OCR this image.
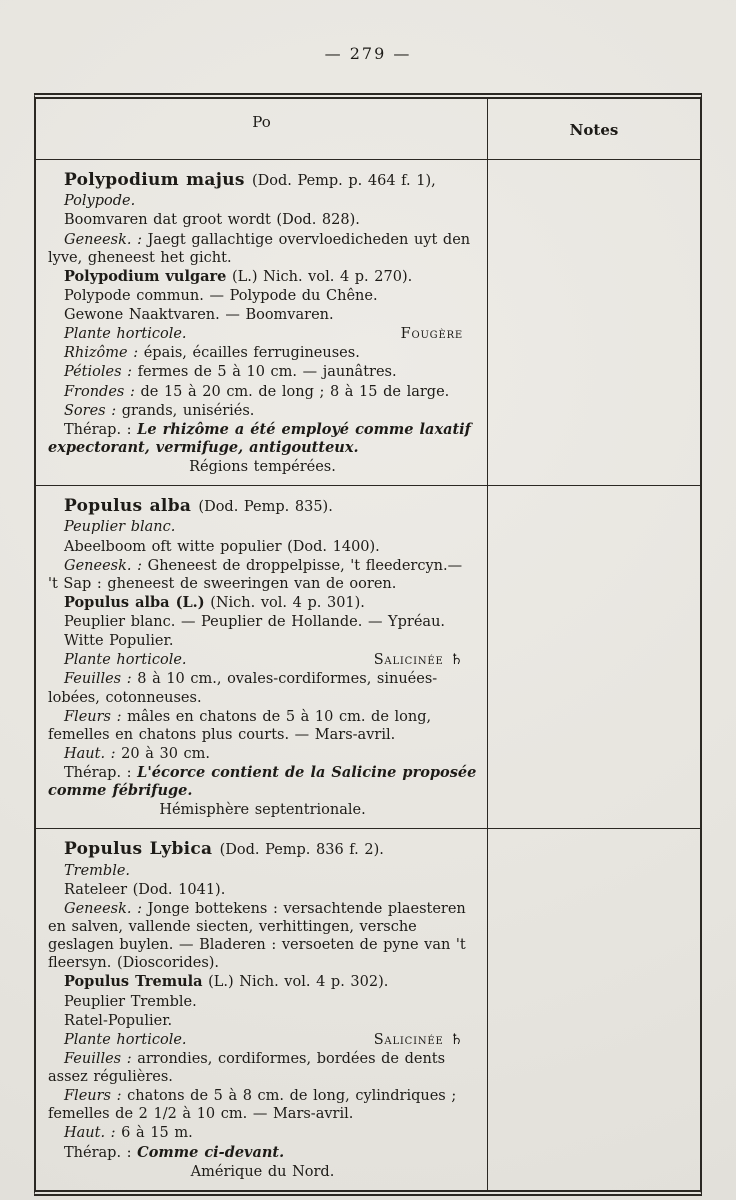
— 279 —
Po	Notes

Polypodium majus (Dod. Pemp. p. 464 f. 1),

Polypode.

Boomvaren dat groot wordt (Dod. 828).

Geneesk. : Jaegt gallachtige overvloedicheden uyt den lyve, gheneest het gicht.

Polypodium vulgare (L.) Nich. vol. 4 p. 270).

Polypode commun. — Polypode du Chêne.

Gewone Naaktvaren. — Boomvaren.

Plante horticole.	Fougère

Rhizôme : épais, écailles ferrugineuses.

Pétioles : fermes de 5 à 10 cm. — jaunâtres.

Frondes : de 15 à 20 cm. de long ; 8 à 15 de large.

Sores : grands, unisériés.

Thérap. : Le rhizôme a été employé comme laxatif expectorant, vermifuge, antigoutteux.

Régions tempérées.

Populus alba (Dod. Pemp. 835).

Peuplier blanc.

Abeelboom oft witte populier (Dod. 1400).

Geneesk. : Gheneest de droppelpisse, 't fleedercyn.— 't Sap : gheneest de sweeringen van de ooren.

Populus alba (L.) (Nich. vol. 4 p. 301).

Peuplier blanc. — Peuplier de Hollande. — Ypréau.

Witte Populier.

Plante horticole.	Salicinée ♄

Feuilles : 8 à 10 cm., ovales-cordiformes, sinuées-lobées, cotonneuses.

Fleurs : mâles en chatons de 5 à 10 cm. de long, femelles en chatons plus courts. — Mars-avril.

Haut. : 20 à 30 cm.

Thérap. : L'écorce contient de la Salicine proposée comme fébrifuge.

Hémisphère septentrionale.

Populus Lybica (Dod. Pemp. 836 f. 2).

Tremble.

Rateleer (Dod. 1041).

Geneesk. : Jonge bottekens : versachtende plaesteren en salven, vallende siecten, verhittingen, versche geslagen buylen. — Bladeren : versoeten de pyne van 't fleersyn. (Dioscorides).

Populus Tremula (L.) Nich. vol. 4 p. 302).

Peuplier Tremble.

Ratel-Populier.

Plante horticole.	Salicinée ♄

Feuilles : arrondies, cordiformes, bordées de dents assez régulières.

Fleurs : chatons de 5 à 8 cm. de long, cylindriques ; femelles de 2 1/2 à 10 cm. — Mars-avril.

Haut. : 6 à 15 m.

Thérap. : Comme ci-devant.

Amérique du Nord.
